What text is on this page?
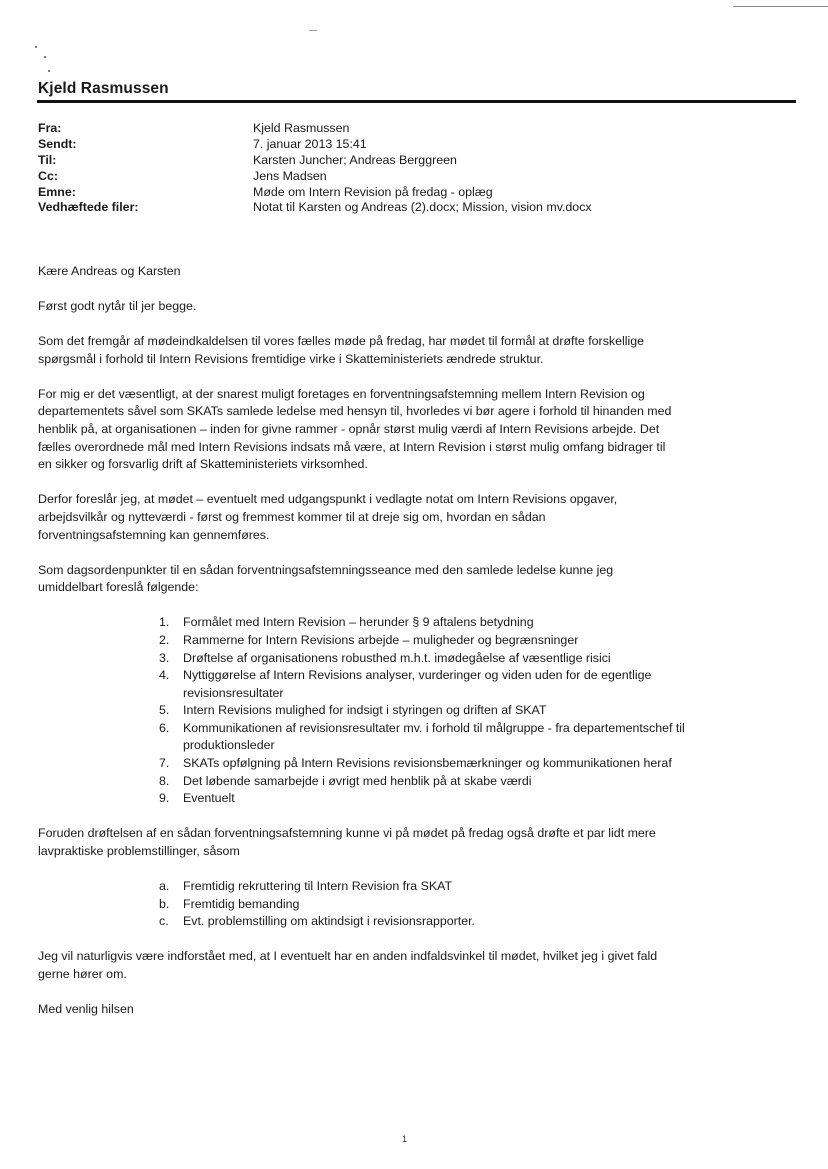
Kjeld Rasmussen
Fra:	Kjeld Rasmussen
Sendt:	7. januar 2013 15:41
Til:	Karsten Juncher; Andreas Berggreen
Cc:	Jens Madsen
Emne:	Møde om Intern Revision på fredag - oplæg
Vedhæftede filer:	Notat til Karsten og Andreas (2).docx; Mission, vision mv.docx

Kære Andreas og Karsten

Først godt nytår til jer begge.

Som det fremgår af mødeindkaldelsen til vores fælles møde på fredag, har mødet til formål at drøfte forskellige
spørgsmål i forhold til Intern Revisions fremtidige virke i Skatteministeriets ændrede struktur.
For mig er det væsentligt, at der snarest muligt foretages en forventningsafstemning mellem Intern Revision og
departementets såvel som SKATs samlede ledelse med hensyn til, hvorledes vi bør agere i forhold til hinanden med
henblik på, at organisationen – inden for givne rammer - opnår størst mulig værdi af Intern Revisions arbejde. Det
fælles overordnede mål med Intern Revisions indsats må være, at Intern Revision i størst mulig omfang bidrager til
en sikker og forsvarlig drift af Skatteministeriets virksomhed.
Derfor foreslår jeg, at mødet – eventuelt med udgangspunkt i vedlagte notat om Intern Revisions opgaver,
arbejdsvilkår og nytteværdi - først og fremmest kommer til at dreje sig om, hvordan en sådan
forventningsafstemning kan gennemføres.
Som dagsordenpunkter til en sådan forventningsafstemningsseance med den samlede ledelse kunne jeg
umiddelbart foreslå følgende:
1. Formålet med Intern Revision – herunder § 9 aftalens betydning
2. Rammerne for Intern Revisions arbejde – muligheder og begrænsninger
3. Drøftelse af organisationens robusthed m.h.t. imødegåelse af væsentlige risici
4. Nyttiggørelse af Intern Revisions analyser, vurderinger og viden uden for de egentlige
revisionsresultater
5. Intern Revisions mulighed for indsigt i styringen og driften af SKAT
6. Kommunikationen af revisionsresultater mv. i forhold til målgruppe - fra departementschef til
produktionsleder
7. SKATs opfølgning på Intern Revisions revisionsbemærkninger og kommunikationen heraf
8. Det løbende samarbejde i øvrigt med henblik på at skabe værdi
9. Eventuelt
Foruden drøftelsen af en sådan forventningsafstemning kunne vi på mødet på fredag også drøfte et par lidt mere
lavpraktiske problemstillinger, såsom
a. Fremtidig rekruttering til Intern Revision fra SKAT
b. Fremtidig bemanding
c. Evt. problemstilling om aktindsigt i revisionsrapporter.
Jeg vil naturligvis være indforstået med, at I eventuelt har en anden indfaldsvinkel til mødet, hvilket jeg i givet fald
gerne hører om.

Med venlig hilsen

1
